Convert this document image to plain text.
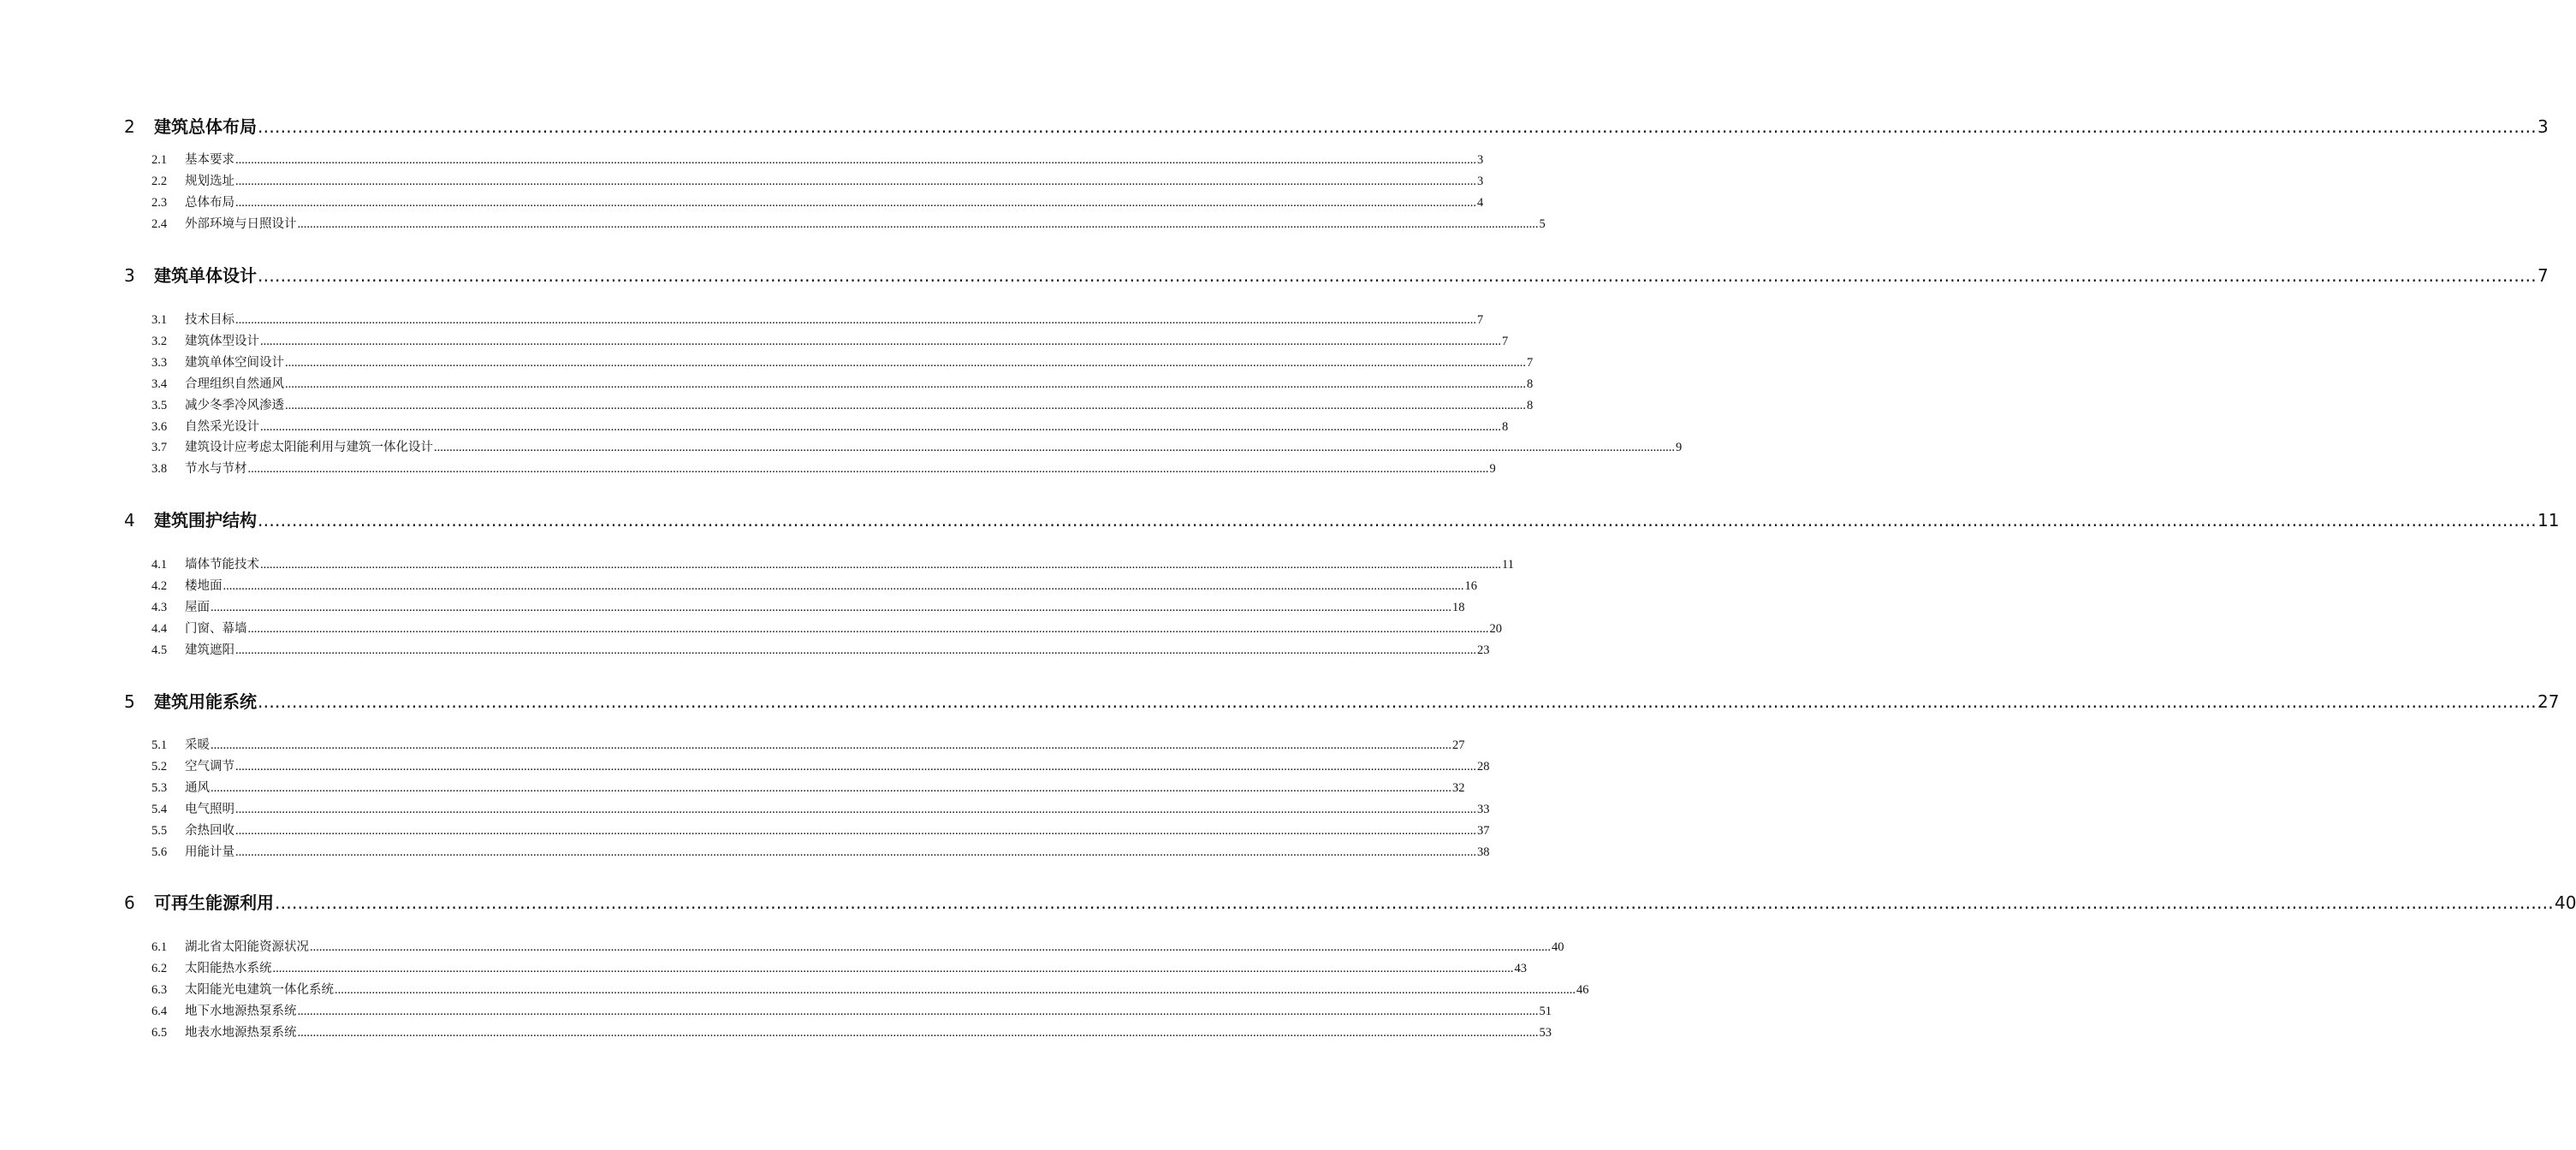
2	建筑总体布局 ................................................................................................................................................................................................................................................................................................................................................................................................................ 3
2.1	基本要求 ................................................................................................................................................................................................................................................................................................................................................................................................................ 3
2.2	规划选址 ................................................................................................................................................................................................................................................................................................................................................................................................................ 3
2.3	总体布局 ................................................................................................................................................................................................................................................................................................................................................................................................................ 4
2.4	外部环境与日照设计 ................................................................................................................................................................................................................................................................................................................................................................................................................ 5
3	建筑单体设计 ................................................................................................................................................................................................................................................................................................................................................................................................................ 7
3.1	技术目标 ................................................................................................................................................................................................................................................................................................................................................................................................................ 7
3.2	建筑体型设计 ................................................................................................................................................................................................................................................................................................................................................................................................................ 7
3.3	建筑单体空间设计 ................................................................................................................................................................................................................................................................................................................................................................................................................ 7
3.4	合理组织自然通风 ................................................................................................................................................................................................................................................................................................................................................................................................................ 8
3.5	减少冬季冷风渗透 ................................................................................................................................................................................................................................................................................................................................................................................................................ 8
3.6	自然采光设计 ................................................................................................................................................................................................................................................................................................................................................................................................................ 8
3.7	建筑设计应考虑太阳能利用与建筑一体化设计 ................................................................................................................................................................................................................................................................................................................................................................................................................ 9
3.8	节水与节材 ................................................................................................................................................................................................................................................................................................................................................................................................................ 9
4	建筑围护结构 ................................................................................................................................................................................................................................................................................................................................................................................................................ 11
4.1	墙体节能技术 ................................................................................................................................................................................................................................................................................................................................................................................................................ 11
4.2	楼地面 ................................................................................................................................................................................................................................................................................................................................................................................................................ 16
4.3	屋面 ................................................................................................................................................................................................................................................................................................................................................................................................................ 18
4.4	门窗、幕墙 ................................................................................................................................................................................................................................................................................................................................................................................................................ 20
4.5	建筑遮阳 ................................................................................................................................................................................................................................................................................................................................................................................................................ 23
5	建筑用能系统 ................................................................................................................................................................................................................................................................................................................................................................................................................ 27
5.1	采暖 ................................................................................................................................................................................................................................................................................................................................................................................................................ 27
5.2	空气调节 ................................................................................................................................................................................................................................................................................................................................................................................................................ 28
5.3	通风 ................................................................................................................................................................................................................................................................................................................................................................................................................ 32
5.4	电气照明 ................................................................................................................................................................................................................................................................................................................................................................................................................ 33
5.5	余热回收 ................................................................................................................................................................................................................................................................................................................................................................................................................ 37
5.6	用能计量 ................................................................................................................................................................................................................................................................................................................................................................................................................ 38
6	可再生能源利用 ................................................................................................................................................................................................................................................................................................................................................................................................................ 40
6.1	湖北省太阳能资源状况 ................................................................................................................................................................................................................................................................................................................................................................................................................ 40
6.2	太阳能热水系统 ................................................................................................................................................................................................................................................................................................................................................................................................................ 43
6.3	太阳能光电建筑一体化系统 ................................................................................................................................................................................................................................................................................................................................................................................................................ 46
6.4	地下水地源热泵系统 ................................................................................................................................................................................................................................................................................................................................................................................................................ 51
6.5	地表水地源热泵系统 ................................................................................................................................................................................................................................................................................................................................................................................................................ 53
